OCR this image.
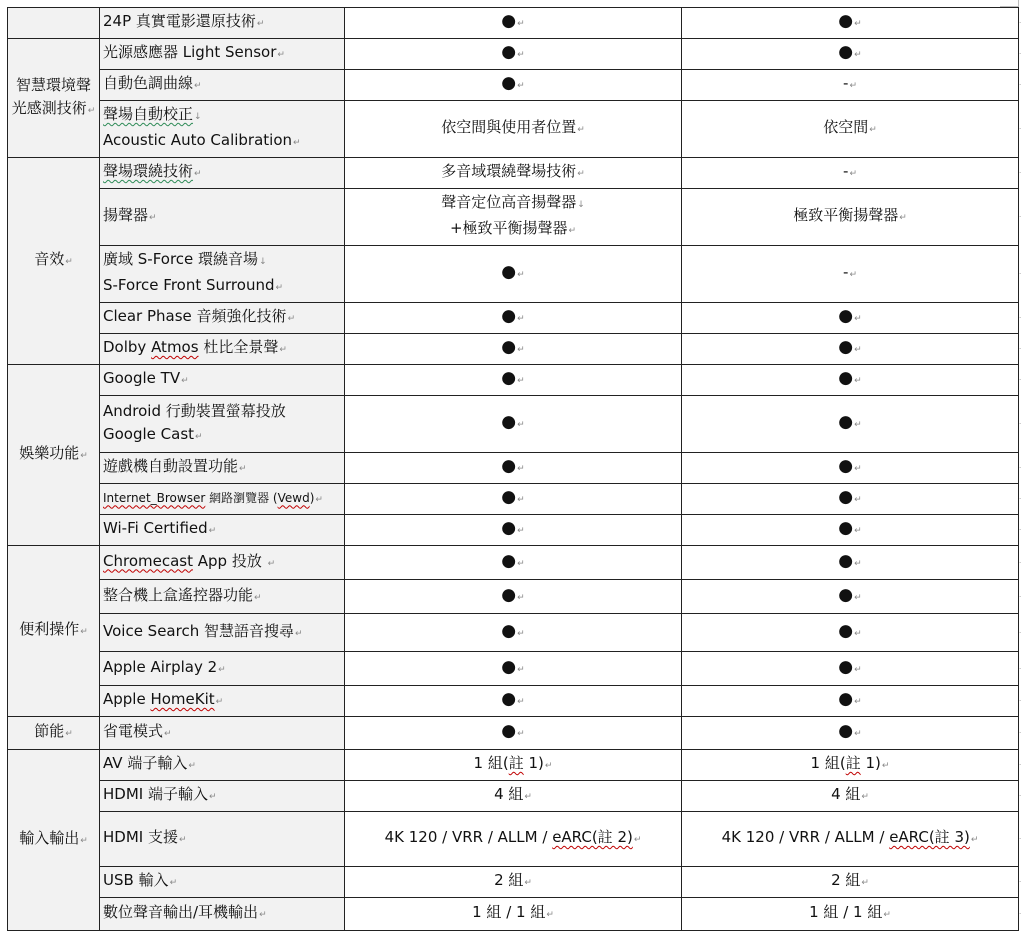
	24P 真實電影還原技術↵	●↵	●↵
智慧環境聲光感測技術↵	光源感應器 Light Sensor↵	●↵	●↵
	自動色調曲線↵	●↵	-↵
	聲場自動校正↓
Acoustic Auto Calibration↵	依空間與使用者位置↵	依空間↵
音效↵	聲場環繞技術↵	多音域環繞聲場技術↵	-↵
	揚聲器↵	聲音定位高音揚聲器↓
+極致平衡揚聲器↵	極致平衡揚聲器↵
	廣域 S-Force 環繞音場↓
S-Force Front Surround↵	●↵	-↵
	Clear Phase 音頻強化技術↵	●↵	●↵
	Dolby Atmos 杜比全景聲↵	●↵	●↵
娛樂功能↵	Google TV↵	●↵	●↵
	Android 行動裝置螢幕投放
Google Cast↵	●↵	●↵
	遊戲機自動設置功能↵	●↵	●↵
	Internet_Browser 網路瀏覽器 (Vewd)↵	●↵	●↵
	Wi-Fi Certified↵	●↵	●↵
便利操作↵	Chromecast App 投放 ↵	●↵	●↵
	整合機上盒遙控器功能↵	●↵	●↵
	Voice Search 智慧語音搜尋↵	●↵	●↵
	Apple Airplay 2↵	●↵	●↵
	Apple HomeKit↵	●↵	●↵
節能↵	省電模式↵	●↵	●↵
輸入輸出↵	AV 端子輸入↵	1 組(註 1)↵	1 組(註 1)↵
	HDMI 端子輸入↵	4 組↵	4 組↵
	HDMI 支援↵	4K 120 / VRR / ALLM / eARC(註 2)↵	4K 120 / VRR / ALLM / eARC(註 3)↵
	USB 輸入↵	2 組↵	2 組↵
	數位聲音輸出/耳機輸出↵	1 組 / 1 組↵	1 組 / 1 組↵
·
·
·
·
·
·
·
·
·
·
·
·
·
·
·
·
·
·
·
·
·
·
·
·
·
